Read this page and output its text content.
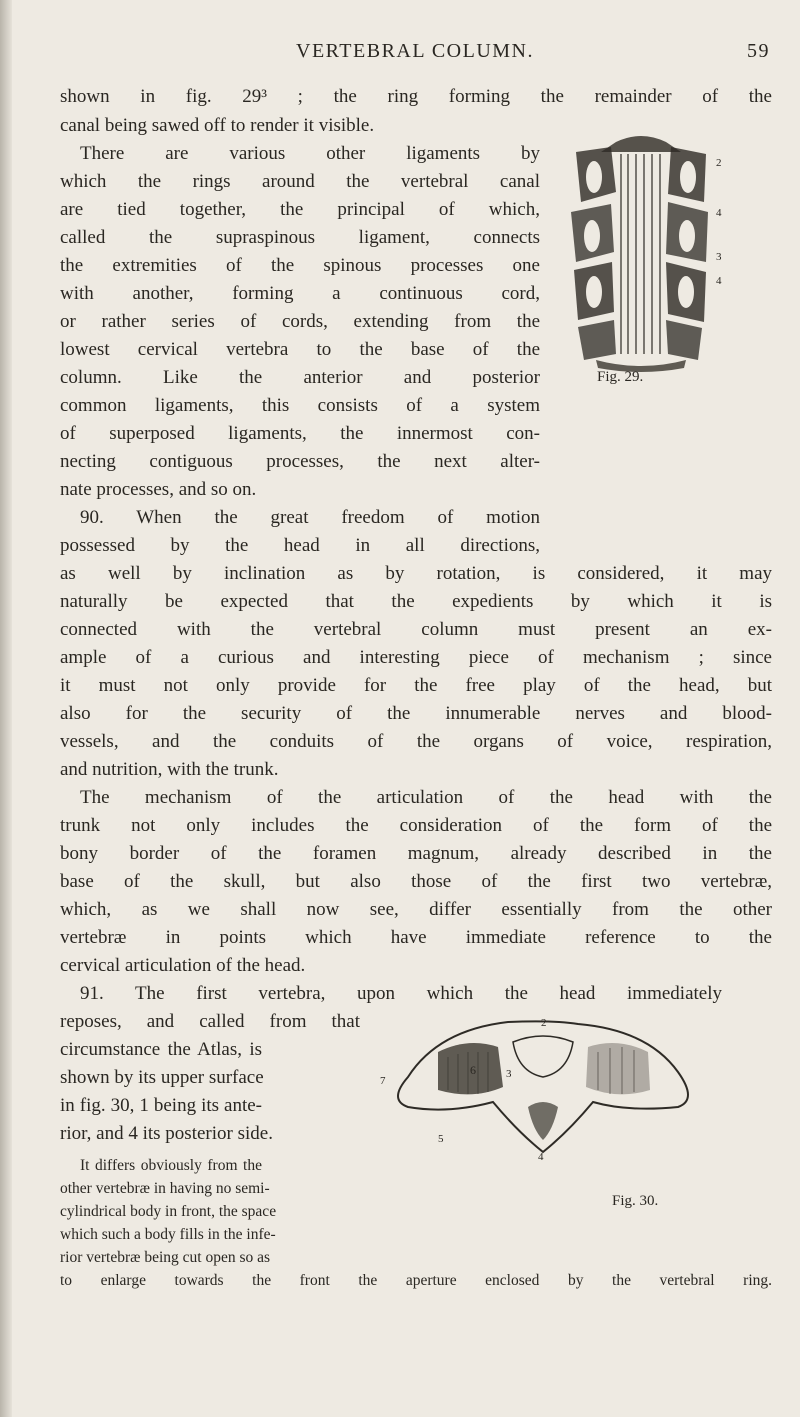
VERTEBRAL COLUMN.	59
shown in fig. 29³ ; the ring forming the remainder of the
canal being sawed off to render it visible.
There are various other ligaments by
which the rings around the vertebral canal
are tied together, the principal of which,
called the supraspinous ligament, connects
the extremities of the spinous processes one
with another, forming a continuous cord,
or rather series of cords, extending from the
lowest cervical vertebra to the base of the
column. Like the anterior and posterior
common ligaments, this consists of a system
of superposed ligaments, the innermost con-
necting contiguous processes, the next alter-
nate processes, and so on.
90. When the great freedom of motion
possessed by the head in all directions,
as well by inclination as by rotation, is considered, it may
naturally be expected that the expedients by which it is
connected with the vertebral column must present an ex-
ample of a curious and interesting piece of mechanism ; since
it must not only provide for the free play of the head, but
also for the security of the innumerable nerves and blood-
vessels, and the conduits of the organs of voice, respiration,
and nutrition, with the trunk.
The mechanism of the articulation of the head with the
trunk not only includes the consideration of the form of the
bony border of the foramen magnum, already described in the
base of the skull, but also those of the first two vertebræ,
which, as we shall now see, differ essentially from the other
vertebræ in points which have immediate reference to the
cervical articulation of the head.
91. The first vertebra, upon which the head immediately
reposes, and called from that
circumstance the Atlas, is
shown by its upper surface
in fig. 30, 1 being its ante-
rior, and 4 its posterior side.
It differs obviously from the
other vertebræ in having no semi-
cylindrical body in front, the space
which such a body fills in the infe-
rior vertebræ being cut open so as
to enlarge towards the front the aperture enclosed by the vertebral ring.
2
4
3
4
Fig. 29.
7
6
2
3
5
4
Fig. 30.
